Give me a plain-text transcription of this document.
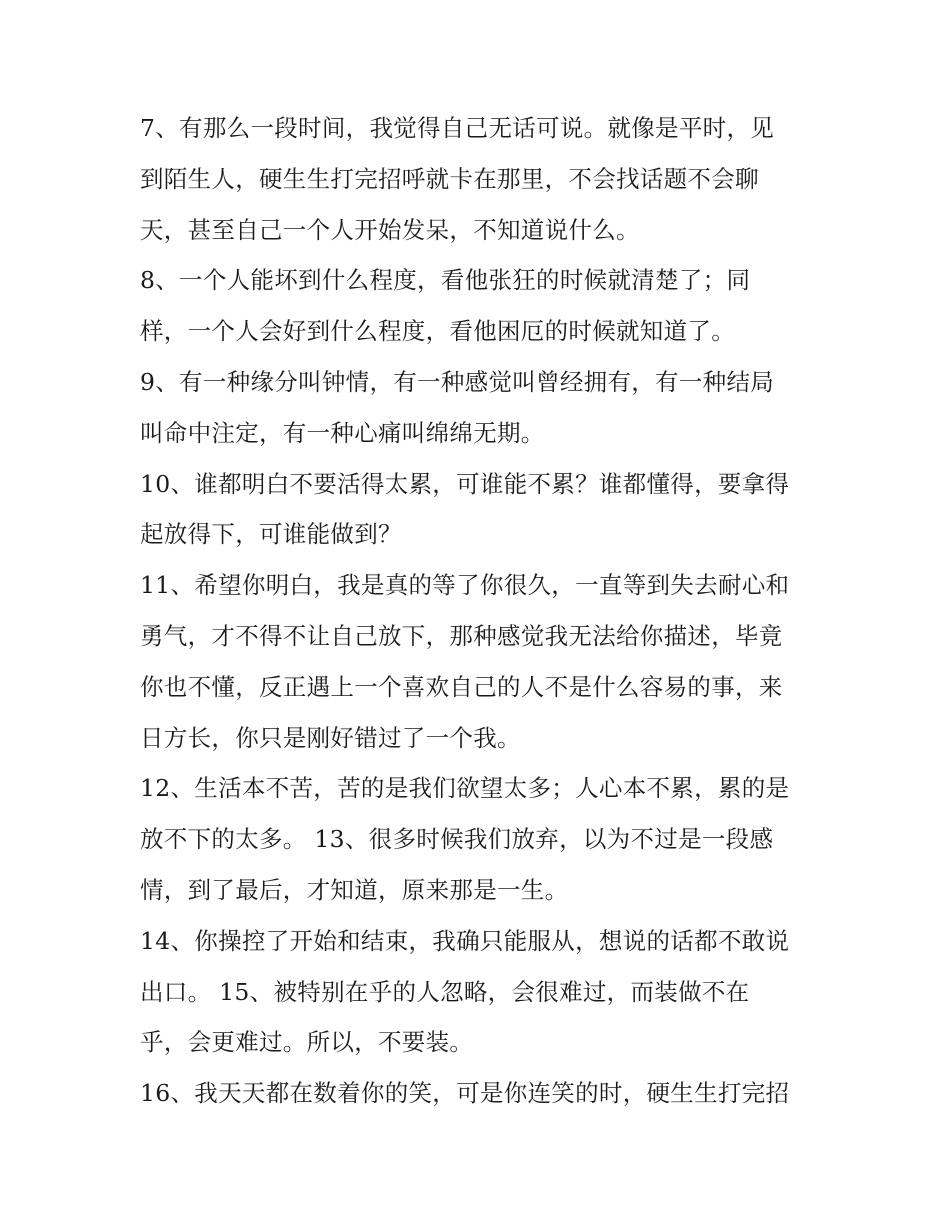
7、有那么一段时间，我觉得自己无话可说。就像是平时，见
到陌生人，硬生生打完招呼就卡在那里，不会找话题不会聊
天，甚至自己一个人开始发呆，不知道说什么。
8、一个人能坏到什么程度，看他张狂的时候就清楚了；同
样，一个人会好到什么程度，看他困厄的时候就知道了。
9、有一种缘分叫钟情，有一种感觉叫曾经拥有，有一种结局
叫命中注定，有一种心痛叫绵绵无期。
10、谁都明白不要活得太累，可谁能不累？谁都懂得，要拿得
起放得下，可谁能做到？
11、希望你明白，我是真的等了你很久，一直等到失去耐心和
勇气，才不得不让自己放下，那种感觉我无法给你描述，毕竟
你也不懂，反正遇上一个喜欢自己的人不是什么容易的事，来
日方长，你只是刚好错过了一个我。
12、生活本不苦，苦的是我们欲望太多；人心本不累，累的是
放不下的太多。 13、很多时候我们放弃，以为不过是一段感
情，到了最后，才知道，原来那是一生。
14、你操控了开始和结束，我确只能服从，想说的话都不敢说
出口。 15、被特别在乎的人忽略，会很难过，而装做不在
乎，会更难过。所以，不要装。
16、我天天都在数着你的笑，可是你连笑的时，硬生生打完招
